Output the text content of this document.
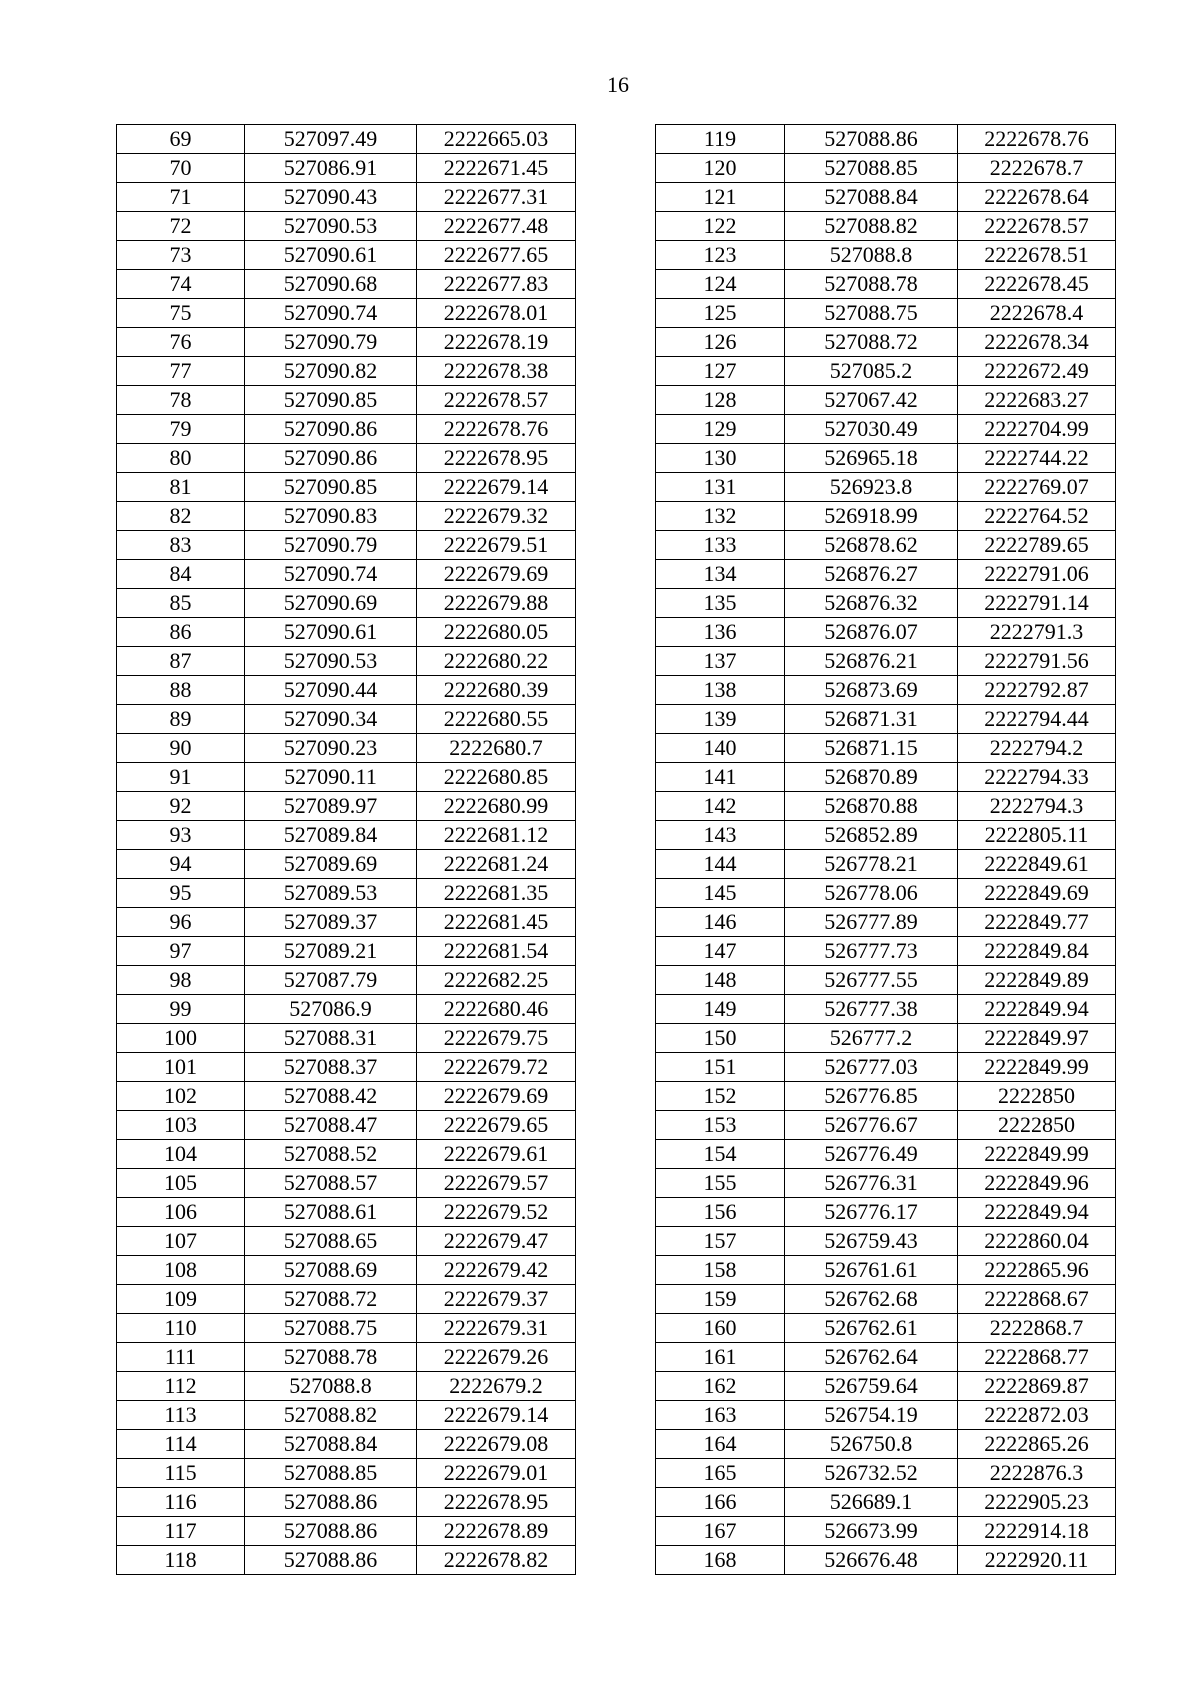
16
69	527097.49	2222665.03
70	527086.91	2222671.45
71	527090.43	2222677.31
72	527090.53	2222677.48
73	527090.61	2222677.65
74	527090.68	2222677.83
75	527090.74	2222678.01
76	527090.79	2222678.19
77	527090.82	2222678.38
78	527090.85	2222678.57
79	527090.86	2222678.76
80	527090.86	2222678.95
81	527090.85	2222679.14
82	527090.83	2222679.32
83	527090.79	2222679.51
84	527090.74	2222679.69
85	527090.69	2222679.88
86	527090.61	2222680.05
87	527090.53	2222680.22
88	527090.44	2222680.39
89	527090.34	2222680.55
90	527090.23	2222680.7
91	527090.11	2222680.85
92	527089.97	2222680.99
93	527089.84	2222681.12
94	527089.69	2222681.24
95	527089.53	2222681.35
96	527089.37	2222681.45
97	527089.21	2222681.54
98	527087.79	2222682.25
99	527086.9	2222680.46
100	527088.31	2222679.75
101	527088.37	2222679.72
102	527088.42	2222679.69
103	527088.47	2222679.65
104	527088.52	2222679.61
105	527088.57	2222679.57
106	527088.61	2222679.52
107	527088.65	2222679.47
108	527088.69	2222679.42
109	527088.72	2222679.37
110	527088.75	2222679.31
111	527088.78	2222679.26
112	527088.8	2222679.2
113	527088.82	2222679.14
114	527088.84	2222679.08
115	527088.85	2222679.01
116	527088.86	2222678.95
117	527088.86	2222678.89
118	527088.86	2222678.82
119	527088.86	2222678.76
120	527088.85	2222678.7
121	527088.84	2222678.64
122	527088.82	2222678.57
123	527088.8	2222678.51
124	527088.78	2222678.45
125	527088.75	2222678.4
126	527088.72	2222678.34
127	527085.2	2222672.49
128	527067.42	2222683.27
129	527030.49	2222704.99
130	526965.18	2222744.22
131	526923.8	2222769.07
132	526918.99	2222764.52
133	526878.62	2222789.65
134	526876.27	2222791.06
135	526876.32	2222791.14
136	526876.07	2222791.3
137	526876.21	2222791.56
138	526873.69	2222792.87
139	526871.31	2222794.44
140	526871.15	2222794.2
141	526870.89	2222794.33
142	526870.88	2222794.3
143	526852.89	2222805.11
144	526778.21	2222849.61
145	526778.06	2222849.69
146	526777.89	2222849.77
147	526777.73	2222849.84
148	526777.55	2222849.89
149	526777.38	2222849.94
150	526777.2	2222849.97
151	526777.03	2222849.99
152	526776.85	2222850
153	526776.67	2222850
154	526776.49	2222849.99
155	526776.31	2222849.96
156	526776.17	2222849.94
157	526759.43	2222860.04
158	526761.61	2222865.96
159	526762.68	2222868.67
160	526762.61	2222868.7
161	526762.64	2222868.77
162	526759.64	2222869.87
163	526754.19	2222872.03
164	526750.8	2222865.26
165	526732.52	2222876.3
166	526689.1	2222905.23
167	526673.99	2222914.18
168	526676.48	2222920.11
